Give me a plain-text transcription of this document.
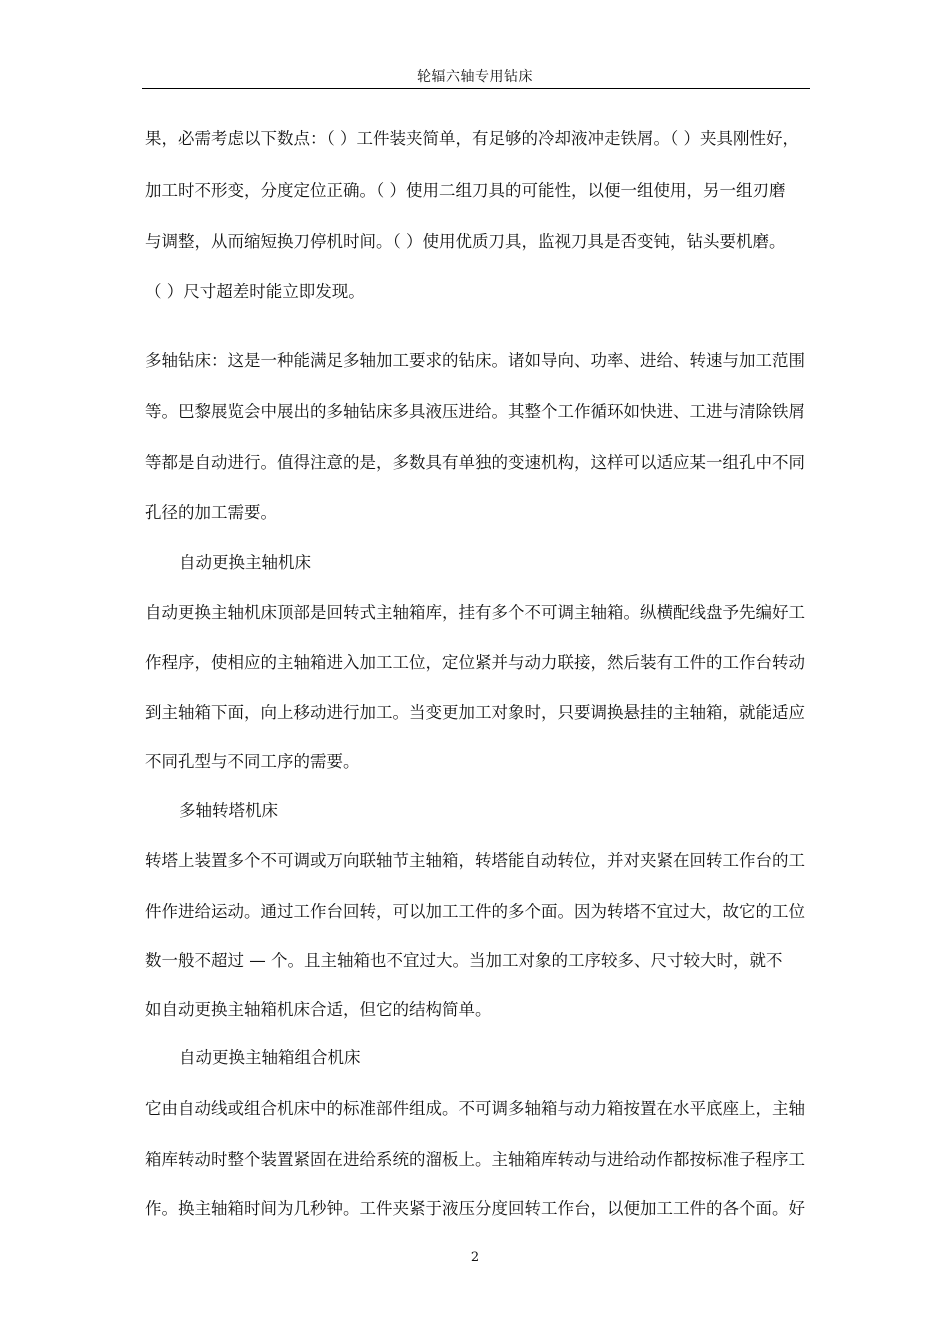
轮辐六轴专用钻床
果，必需考虑以下数点：（ ）工件装夹简单，有足够的冷却液冲走铁屑。（ ）夹具刚性好，
加工时不形变，分度定位正确。（ ）使用二组刀具的可能性，以便一组使用，另一组刃磨
与调整，从而缩短换刀停机时间。（ ）使用优质刀具，监视刀具是否变钝，钻头要机磨。
（ ）尺寸超差时能立即发现。
多轴钻床：这是一种能满足多轴加工要求的钻床。诸如导向、功率、进给、转速与加工范围
等。巴黎展览会中展出的多轴钻床多具液压进给。其整个工作循环如快进、工进与清除铁屑
等都是自动进行。值得注意的是，多数具有单独的变速机构，这样可以适应某一组孔中不同
孔径的加工需要。
自动更换主轴机床
自动更换主轴机床顶部是回转式主轴箱库，挂有多个不可调主轴箱。纵横配线盘予先编好工
作程序，使相应的主轴箱进入加工工位，定位紧并与动力联接，然后装有工件的工作台转动
到主轴箱下面，向上移动进行加工。当变更加工对象时，只要调换悬挂的主轴箱，就能适应
不同孔型与不同工序的需要。
多轴转塔机床
转塔上装置多个不可调或万向联轴节主轴箱，转塔能自动转位，并对夹紧在回转工作台的工
件作进给运动。通过工作台回转，可以加工工件的多个面。因为转塔不宜过大，故它的工位
数一般不超过 — 个。且主轴箱也不宜过大。当加工对象的工序较多、尺寸较大时，就不
如自动更换主轴箱机床合适，但它的结构简单。
自动更换主轴箱组合机床
它由自动线或组合机床中的标准部件组成。不可调多轴箱与动力箱按置在水平底座上，主轴
箱库转动时整个装置紧固在进给系统的溜板上。主轴箱库转动与进给动作都按标准子程序工
作。换主轴箱时间为几秒钟。工件夹紧于液压分度回转工作台，以便加工工件的各个面。好
2
